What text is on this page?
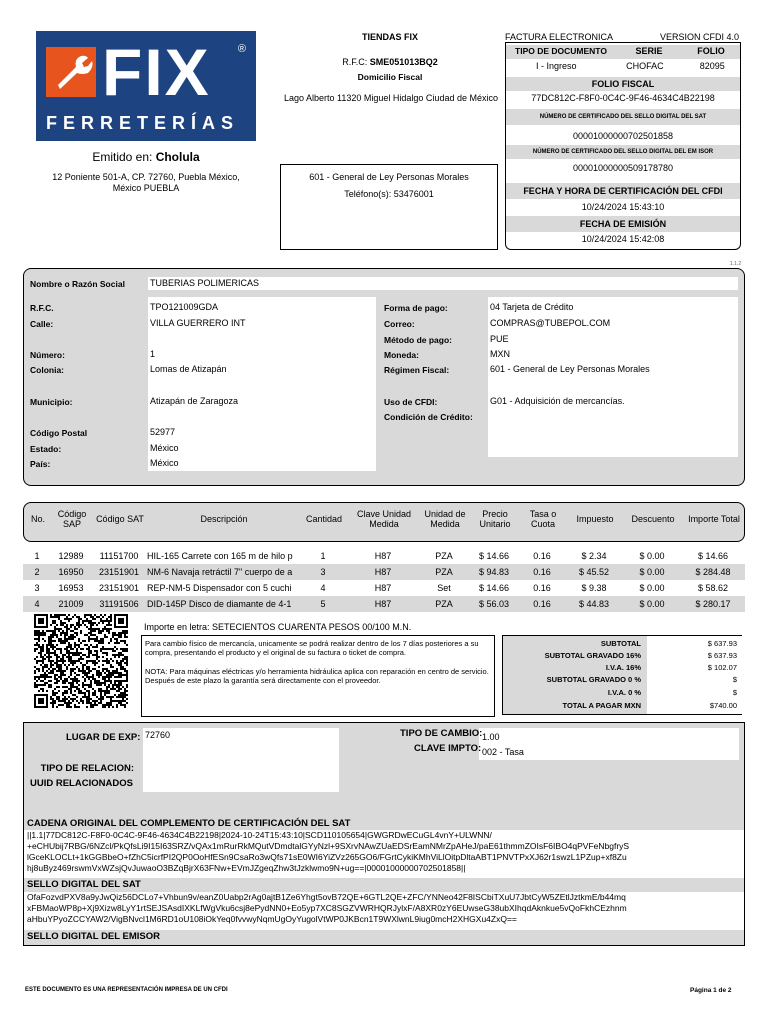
FIX ®
FERRETERÍAS
Emitido en: Cholula
12 Poniente 501-A, CP. 72760, Puebla México, México PUEBLA
TIENDAS FIX
R.F.C: SME051013BQ2
Domicilio Fiscal
Lago Alberto 11320 Miguel Hidalgo Ciudad de México
601 - General de Ley Personas Morales
Teléfono(s): 53476001
FACTURA ELECTRONICA	VERSION CFDI 4.0
TIPO DE DOCUMENTO	SERIE	FOLIO
I - Ingreso	CHOFAC	82095
FOLIO FISCAL
77DC812C-F8F0-0C4C-9F46-4634C4B22198
NÚMERO DE CERTIFICADO DEL SELLO DIGITAL DEL SAT
00001000000702501858
NÚMERO DE CERTIFICADO DEL SELLO DIGITAL DEL EM ISOR
00001000000509178780
FECHA Y HORA DE CERTIFICACIÓN DEL CFDI
10/24/2024 15:43:10
FECHA DE EMISIÓN
10/24/2024 15:42:08
1.1.2
Nombre o Razón Social	TUBERIAS POLIMERICAS
R.F.C.	TPO121009GDA
Calle:	VILLA GUERRERO INT
Número:	1
Colonia:	Lomas de Atizapán
Municipio:	Atizapán de Zaragoza
Código Postal	52977
Estado:	México
País:	México
Forma de pago:	04 Tarjeta de Crédito
Correo:	COMPRAS@TUBEPOL.COM
Método de pago:	PUE
Moneda:	MXN
Régimen Fiscal:	601 - General de Ley Personas Morales
Uso de CFDI:	G01 - Adquisición de mercancías.
Condición de Crédito:
No.	Código SAP	Código SAT	Descripción	Cantidad	Clave Unidad Medida	Unidad de Medida	Precio Unitario	Tasa o Cuota	Impuesto	Descuento	Importe Total
1	12989	11151700	HIL-165 Carrete con 165 m de hilo p	1	H87	PZA	$ 14.66	0.16	$ 2.34	$ 0.00	$ 14.66
2	16950	23151901	NM-6 Navaja retráctil 7" cuerpo de a	3	H87	PZA	$ 94.83	0.16	$ 45.52	$ 0.00	$ 284.48
3	16953	23151901	REP-NM-5 Dispensador con 5 cuchi	4	H87	Set	$ 14.66	0.16	$ 9.38	$ 0.00	$ 58.62
4	21009	31191506	DID-145P Disco de diamante de 4-1	5	H87	PZA	$ 56.03	0.16	$ 44.83	$ 0.00	$ 280.17
Importe en letra: SETECIENTOS CUARENTA PESOS 00/100 M.N.
Para cambio físico de mercancía, unicamente se podrá realizar dentro de los 7 días posteriores a su compra, presentando el producto y el original de su factura o ticket de compra.
NOTA: Para máquinas eléctricas y/o herramienta hidráulica aplica con reparación en centro de servicio. Después de este plazo la garantía será directamente con el proveedor.
SUBTOTAL	$ 637.93
SUBTOTAL GRAVADO 16%	$ 637.93
I.V.A. 16%	$ 102.07
SUBTOTAL GRAVADO 0 %	$
I.V.A. 0 %	$
TOTAL A PAGAR MXN	$740.00
LUGAR DE EXP: 72760	TIPO DE CAMBIO: 1.00
CLAVE IMPTO: 002 - Tasa
TIPO DE RELACION:
UUID RELACIONADOS
CADENA ORIGINAL DEL COMPLEMENTO DE CERTIFICACIÓN DEL SAT
||1.1|77DC812C-F8F0-0C4C-9F46-4634C4B22198|2024-10-24T15:43:10|SCD110105654|GWGRDwECuGL4vnY+ULWNN/
+eCHUbij7RBG/6NZcl/PkQfsLi9I15I63SRZ/vQAx1mRurRkMQutVDmdtalGYyNzl+9SXrvNAwZUaEDSrEamNMrZpAHeJ/paE61thmmZOIsF6IBO4qPVFeNbgfryS
lGceKLOCLt+1kGGBbeO+fZhC5icrfPI2QP0OoHfESn9CsaRo3wQfs71sE0WI6YiZVz265GO6/FGrtCykiKMhViLlOitpDltaABT1PNVTPxXJ62r1swzL1PZup+xf8Zu
hj8uByz469rswmVxWZsjQvJuwaoO3BZqBjrX63FNw+EVmJZgeqZhw3tJzklwmo9N+ug==|00001000000702501858||
SELLO DIGITAL DEL SAT
OfaFozvdPXV8a9yJwQiz56DCLo7+Vhbun9v/eanZ0Uabp2rAg0ajtB1Ze6Yhgt5ovB72QE+6GTL2QE+ZFC/YNNeo42F8ISCbiTXuU7JbtCyW5ZEtlJztkmE/b44mq
xFBMaoWP8p+Xj9Xizw8LyY1rtSEJSAsdIXKLfWgVku6csj8ePydNN0+Eo5yp7XC8SGZVWRHQRJylxF/A8XR0zY6EUwseG38ubXIhqdAknkue5vQoFkhCEzhnm
aHbuYPyoZCCYAW2/VigBNvcl1M6RD1oU108iOkYeq0fvvwyNqmUgOyYugolVtWP0JKBcn1T9WXlwnL9iug0mcH2XHGXu4ZxQ==
SELLO DIGITAL DEL EMISOR
ESTE DOCUMENTO ES UNA REPRESENTACIÓN IMPRESA DE UN CFDI	Página 1 de 2
